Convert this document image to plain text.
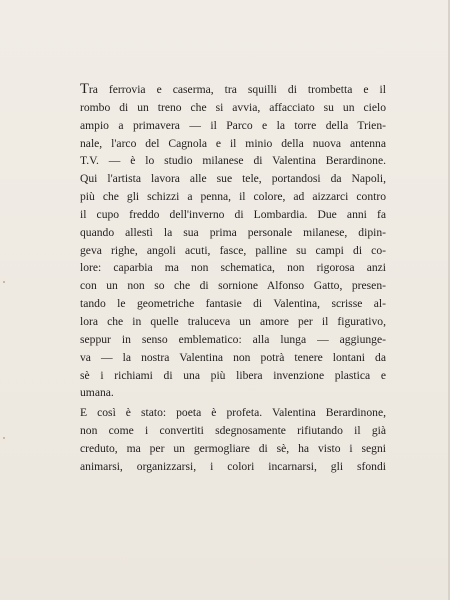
Tra ferrovia e caserma, tra squilli di trombetta e il
rombo di un treno che si avvia, affacciato su un cielo
ampio a primavera — il Parco e la torre della Trien-
nale, l'arco del Cagnola e il minio della nuova antenna
T.V. — è lo studio milanese di Valentina Berardinone.
Qui l'artista lavora alle sue tele, portandosi da Napoli,
più che gli schizzi a penna, il colore, ad aizzarci contro
il cupo freddo dell'inverno di Lombardia. Due anni fa
quando allestì la sua prima personale milanese, dipin-
geva righe, angoli acuti, fasce, palline su campi di co-
lore: caparbia ma non schematica, non rigorosa anzi
con un non so che di sornione Alfonso Gatto, presen-
tando le geometriche fantasie di Valentina, scrisse al-
lora che in quelle traluceva un amore per il figurativo,
seppur in senso emblematico: alla lunga — aggiunge-
va — la nostra Valentina non potrà tenere lontani da
sè i richiami di una più libera invenzione plastica e
umana.
E così è stato: poeta è profeta. Valentina Berardinone,
non come i convertiti sdegnosamente rifiutando il già
creduto, ma per un germogliare di sè, ha visto i segni
animarsi, organizzarsi, i colori incarnarsi, gli sfondi
